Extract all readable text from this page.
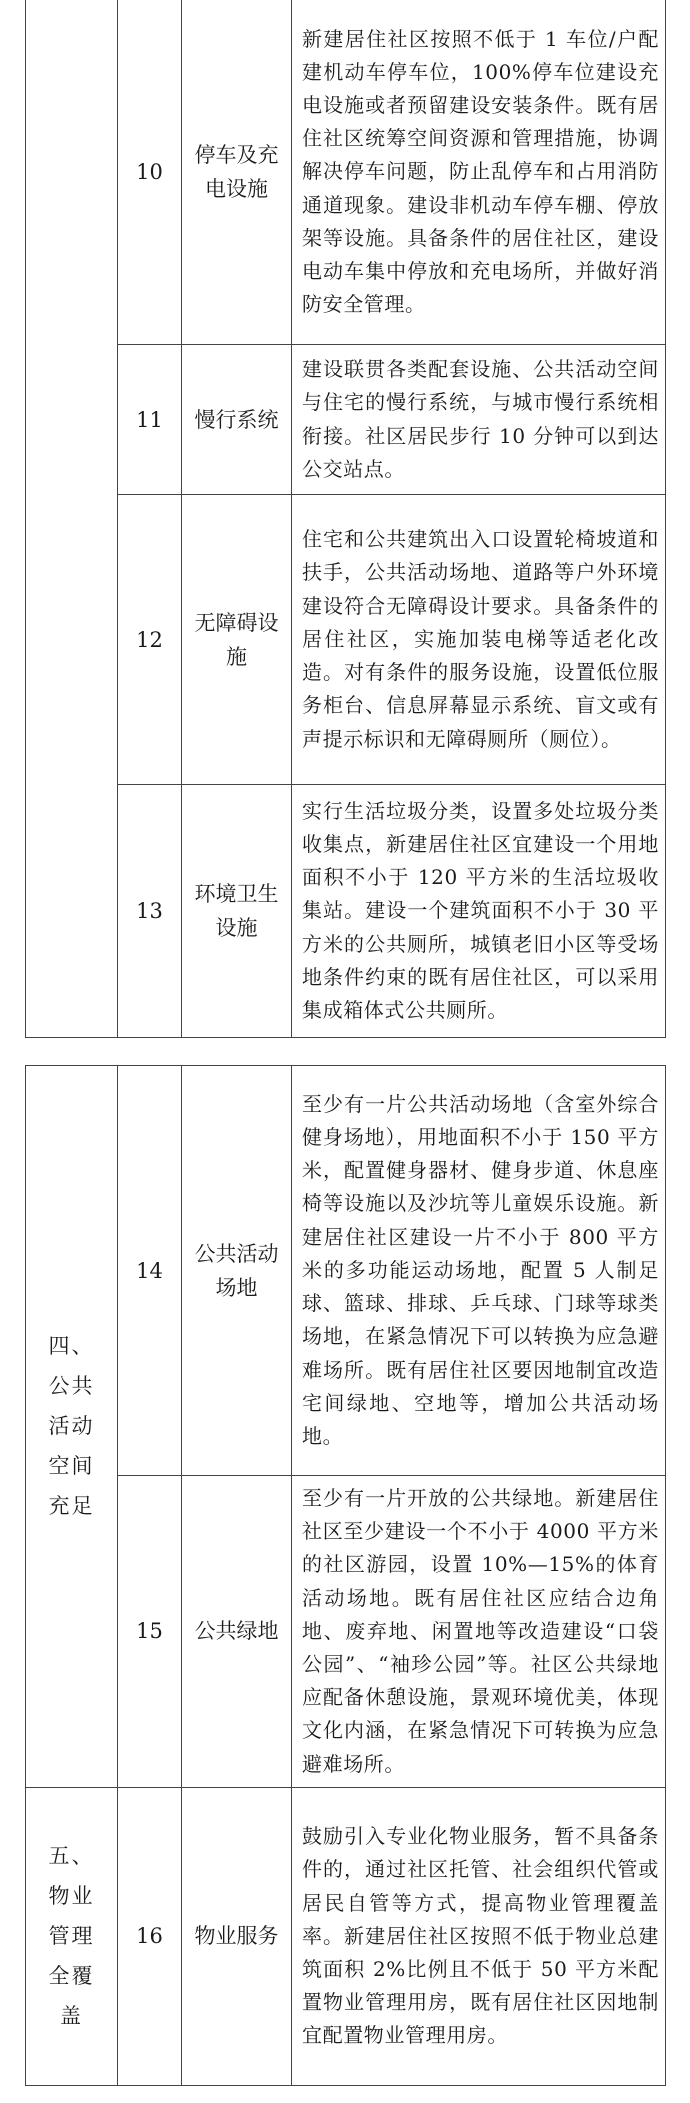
	10	停车及充电设施	新建居住社区按照不低于 1 车位/户配建机动车停车位，100%停车位建设充电设施或者预留建设安装条件。既有居住社区统筹空间资源和管理措施，协调解决停车问题，防止乱停车和占用消防通道现象。建设非机动车停车棚、停放架等设施。具备条件的居住社区，建设电动车集中停放和充电场所，并做好消防安全管理。
	11	慢行系统	建设联贯各类配套设施、公共活动空间与住宅的慢行系统，与城市慢行系统相衔接。社区居民步行 10 分钟可以到达公交站点。
	12	无障碍设施	住宅和公共建筑出入口设置轮椅坡道和扶手，公共活动场地、道路等户外环境建设符合无障碍设计要求。具备条件的居住社区，实施加装电梯等适老化改造。对有条件的服务设施，设置低位服务柜台、信息屏幕显示系统、盲文或有声提示标识和无障碍厕所（厕位）。
	13	环境卫生设施	实行生活垃圾分类，设置多处垃圾分类收集点，新建居住社区宜建设一个用地面积不小于 120 平方米的生活垃圾收集站。建设一个建筑面积不小于 30 平方米的公共厕所，城镇老旧小区等受场地条件约束的既有居住社区，可以采用集成箱体式公共厕所。
四、公共活动空间充足	14	公共活动场地	至少有一片公共活动场地（含室外综合健身场地），用地面积不小于 150 平方米，配置健身器材、健身步道、休息座椅等设施以及沙坑等儿童娱乐设施。新建居住社区建设一片不小于 800 平方米的多功能运动场地，配置 5 人制足球、篮球、排球、乒乓球、门球等球类场地，在紧急情况下可以转换为应急避难场所。既有居住社区要因地制宜改造宅间绿地、空地等，增加公共活动场地。
	15	公共绿地	至少有一片开放的公共绿地。新建居住社区至少建设一个不小于 4000 平方米的社区游园，设置 10%—15%的体育活动场地。既有居住社区应结合边角地、废弃地、闲置地等改造建设“口袋公园”、“袖珍公园”等。社区公共绿地应配备休憩设施，景观环境优美，体现文化内涵，在紧急情况下可转换为应急避难场所。
五、物业管理全覆盖	16	物业服务	鼓励引入专业化物业服务，暂不具备条件的，通过社区托管、社会组织代管或居民自管等方式，提高物业管理覆盖率。新建居住社区按照不低于物业总建筑面积 2%比例且不低于 50 平方米配置物业管理用房，既有居住社区因地制宜配置物业管理用房。
